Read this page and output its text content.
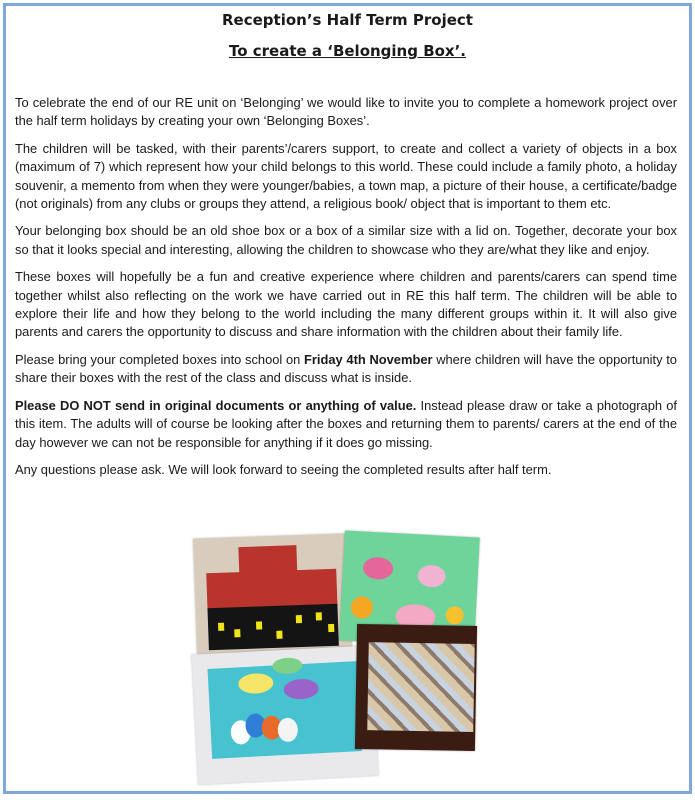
Reception’s Half Term Project
To create a ‘Belonging Box’.

To celebrate the end of our RE unit on ‘Belonging’ we would like to invite you to complete a homework project over the half term holidays by creating your own ‘Belonging Boxes’.

The children will be tasked, with their parents’/carers support, to create and collect a variety of objects in a box (maximum of 7) which represent how your child belongs to this world. These could include a family photo, a holiday souvenir, a memento from when they were younger/babies, a town map, a picture of their house, a certificate/badge (not originals) from any clubs or groups they attend, a religious book/ object that is important to them etc.

Your belonging box should be an old shoe box or a box of a similar size with a lid on. Together, decorate your box so that it looks special and interesting, allowing the children to showcase who they are/what they like and enjoy.

These boxes will hopefully be a fun and creative experience where children and parents/carers can spend time together whilst also reflecting on the work we have carried out in RE this half term. The children will be able to explore their life and how they belong to the world including the many different groups within it. It will also give parents and carers the opportunity to discuss and share information with the children about their family life.

Please bring your completed boxes into school on Friday 4th November where children will have the opportunity to share their boxes with the rest of the class and discuss what is inside.

Please DO NOT send in original documents or anything of value. Instead please draw or take a photograph of this item. The adults will of course be looking after the boxes and returning them to parents/ carers at the end of the day however we can not be responsible for anything if it does go missing.

Any questions please ask. We will look forward to seeing the completed results after half term.
